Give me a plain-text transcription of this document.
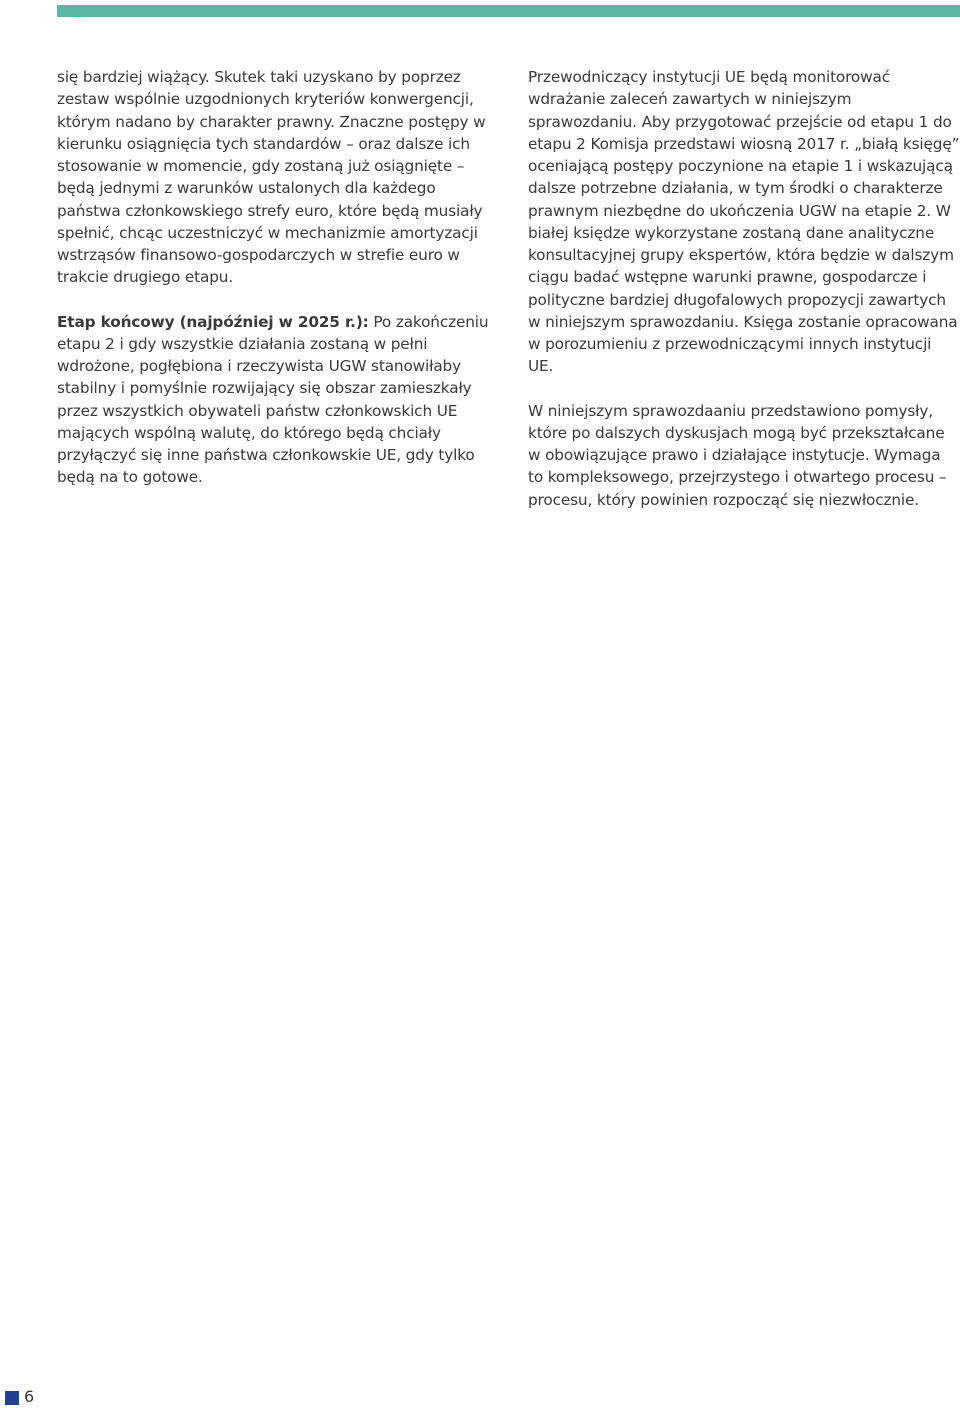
się bardziej wiążący. Skutek taki uzyskano by poprzez zestaw wspólnie uzgodnionych kryteriów konwergencji, którym nadano by charakter prawny. Znaczne postępy w kierunku osiągnięcia tych standardów – oraz dalsze ich stosowanie w momencie, gdy zostaną już osiągnięte – będą jednymi z warunków ustalonych dla każdego państwa członkowskiego strefy euro, które będą musiały spełnić, chcąc uczestniczyć w mechanizmie amortyzacji wstrząsów finansowo-gospodarczych w strefie euro w trakcie drugiego etapu.

Etap końcowy (najpóźniej w 2025 r.): Po zakończeniu etapu 2 i gdy wszystkie działania zostaną w pełni wdrożone, pogłębiona i rzeczywista UGW stanowiłaby stabilny i pomyślnie rozwijający się obszar zamieszkały przez wszystkich obywateli państw członkowskich UE mających wspólną walutę, do którego będą chciały przyłączyć się inne państwa członkowskie UE, gdy tylko będą na to gotowe.

Przewodniczący instytucji UE będą monitorować wdrażanie zaleceń zawartych w niniejszym sprawozdaniu. Aby przygotować przejście od etapu 1 do etapu 2 Komisja przedstawi wiosną 2017 r. „białą księgę” oceniającą postępy poczynione na etapie 1 i wskazującą dalsze potrzebne działania, w tym środki o charakterze prawnym niezbędne do ukończenia UGW na etapie 2. W białej księdze wykorzystane zostaną dane analityczne konsultacyjnej grupy ekspertów, która będzie w dalszym ciągu badać wstępne warunki prawne, gospodarcze i polityczne bardziej długofalowych propozycji zawartych w niniejszym sprawozdaniu. Księga zostanie opracowana w porozumieniu z przewodniczącymi innych instytucji UE.

W niniejszym sprawozdaaniu przedstawiono pomysły, które po dalszych dyskusjach mogą być przekształcane w obowiązujące prawo i działające instytucje. Wymaga to kompleksowego, przejrzystego i otwartego procesu – procesu, który powinien rozpocząć się niezwłocznie.

6
